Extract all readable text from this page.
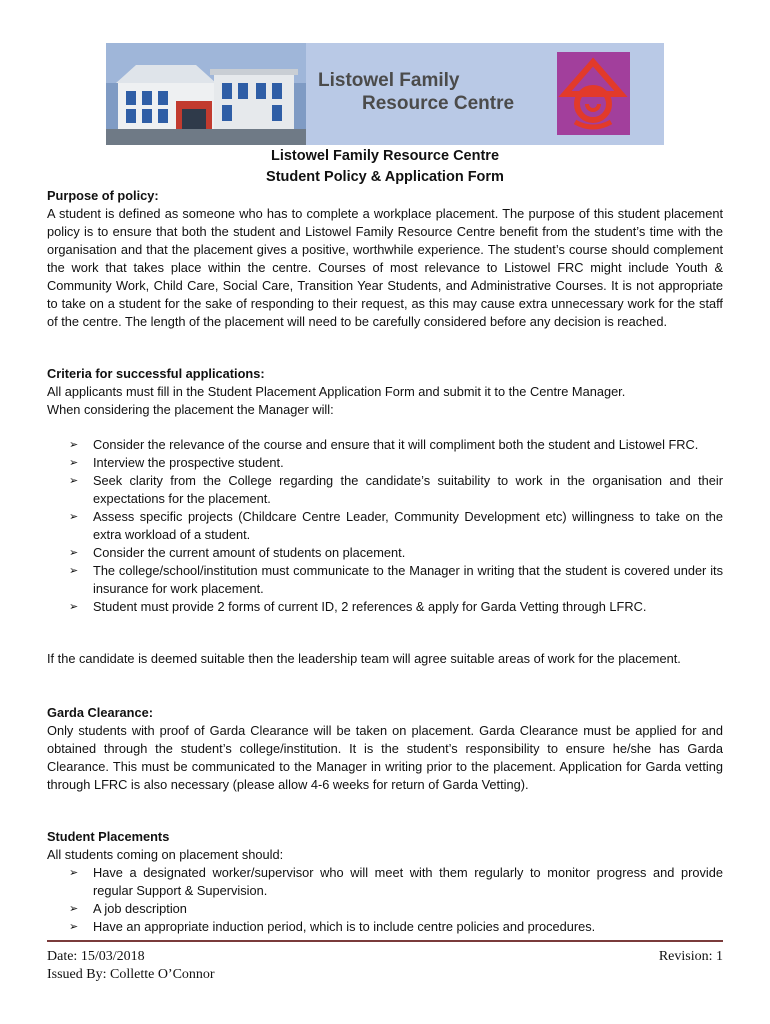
Listowel Family
Resource Centre
Listowel Family Resource Centre
Student Policy & Application Form
Purpose of policy:
A student is defined as someone who has to complete a workplace placement. The purpose of this student placement policy is to ensure that both the student and Listowel Family Resource Centre benefit from the student’s time with the organisation and that the placement gives a positive, worthwhile experience. The student’s course should complement the work that takes place within the centre. Courses of most relevance to Listowel FRC might include Youth & Community Work, Child Care, Social Care, Transition Year Students, and Administrative Courses. It is not appropriate to take on a student for the sake of responding to their request, as this may cause extra unnecessary work for the staff of the centre. The length of the placement will need to be carefully considered before any decision is reached.
Criteria for successful applications:
All applicants must fill in the Student Placement Application Form and submit it to the Centre Manager.
When considering the placement the Manager will:
➢ Consider the relevance of the course and ensure that it will compliment both the student and Listowel FRC.
➢ Interview the prospective student.
➢ Seek clarity from the College regarding the candidate’s suitability to work in the organisation and their expectations for the placement.
➢ Assess specific projects (Childcare Centre Leader, Community Development etc) willingness to take on the extra workload of a student.
➢ Consider the current amount of students on placement.
➢ The college/school/institution must communicate to the Manager in writing that the student is covered under its insurance for work placement.
➢ Student must provide 2 forms of current ID, 2 references & apply for Garda Vetting through LFRC.
If the candidate is deemed suitable then the leadership team will agree suitable areas of work for the placement.
Garda Clearance:
Only students with proof of Garda Clearance will be taken on placement. Garda Clearance must be applied for and obtained through the student’s college/institution. It is the student’s responsibility to ensure he/she has Garda Clearance. This must be communicated to the Manager in writing prior to the placement. Application for Garda vetting through LFRC is also necessary (please allow 4-6 weeks for return of Garda Vetting).
Student Placements
All students coming on placement should:
➢ Have a designated worker/supervisor who will meet with them regularly to monitor progress and provide regular Support & Supervision.
➢ A job description
➢ Have an appropriate induction period, which is to include centre policies and procedures.
Date: 15/03/2018
Issued By: Collette O’Connor
Revision: 1
